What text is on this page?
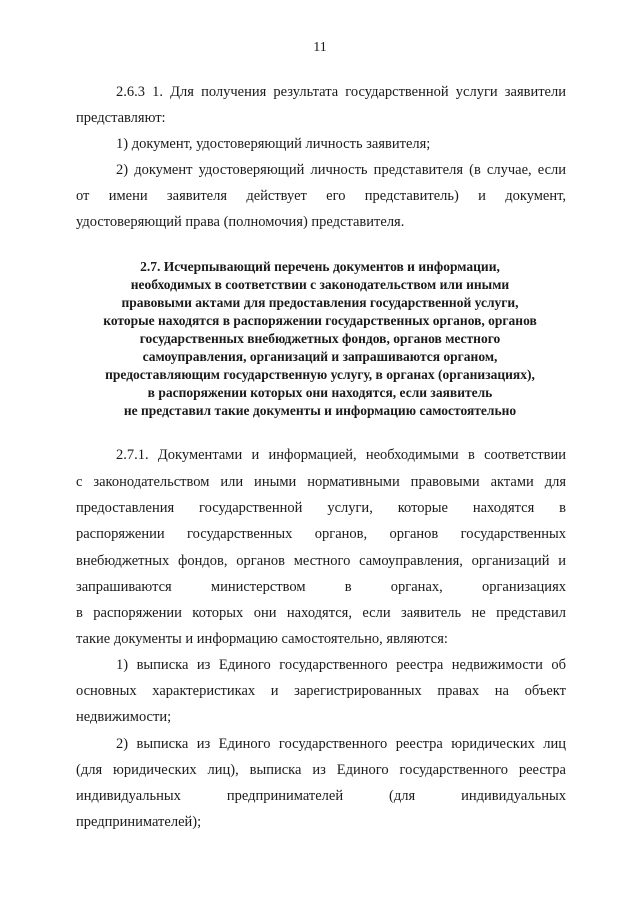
11
2.6.3 1. Для получения результата государственной услуги заявители
представляют:
1) документ, удостоверяющий личность заявителя;
2) документ удостоверяющий личность представителя (в случае, если
от имени заявителя действует его представитель) и документ,
удостоверяющий права (полномочия) представителя.
2.7. Исчерпывающий перечень документов и информации,
необходимых в соответствии с законодательством или иными
правовыми актами для предоставления государственной услуги,
которые находятся в распоряжении государственных органов, органов
государственных внебюджетных фондов, органов местного
самоуправления, организаций и запрашиваются органом,
предоставляющим государственную услугу, в органах (организациях),
в распоряжении которых они находятся, если заявитель
не представил такие документы и информацию самостоятельно
2.7.1. Документами и информацией, необходимыми в соответствии
с законодательством или иными нормативными правовыми актами для
предоставления государственной услуги, которые находятся в
распоряжении государственных органов, органов государственных
внебюджетных фондов, органов местного самоуправления, организаций и
запрашиваются министерством в органах, организациях
в распоряжении которых они находятся, если заявитель не представил
такие документы и информацию самостоятельно, являются:
1) выписка из Единого государственного реестра недвижимости об
основных характеристиках и зарегистрированных правах на объект
недвижимости;
2) выписка из Единого государственного реестра юридических лиц
(для юридических лиц), выписка из Единого государственного реестра
индивидуальных предпринимателей (для индивидуальных
предпринимателей);
